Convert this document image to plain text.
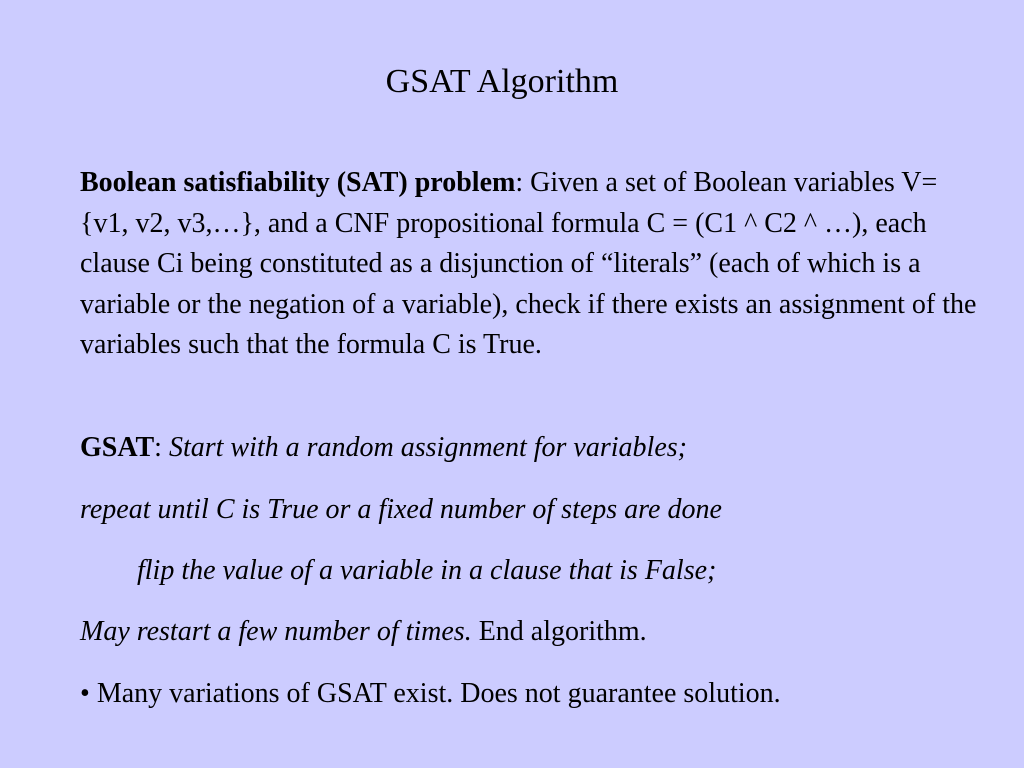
GSAT Algorithm

Boolean satisfiability (SAT) problem: Given a set of Boolean variables V={v1, v2, v3,…}, and a CNF propositional formula C = (C1 ^ C2 ^ …), each clause Ci being constituted as a disjunction of “literals” (each of which is a variable or the negation of a variable), check if there exists an assignment of the variables such that the formula C is True.

GSAT: Start with a random assignment for variables;

repeat until C is True or a fixed number of steps are done

flip the value of a variable in a clause that is False;

May restart a few number of times. End algorithm.

• Many variations of GSAT exist. Does not guarantee solution.
